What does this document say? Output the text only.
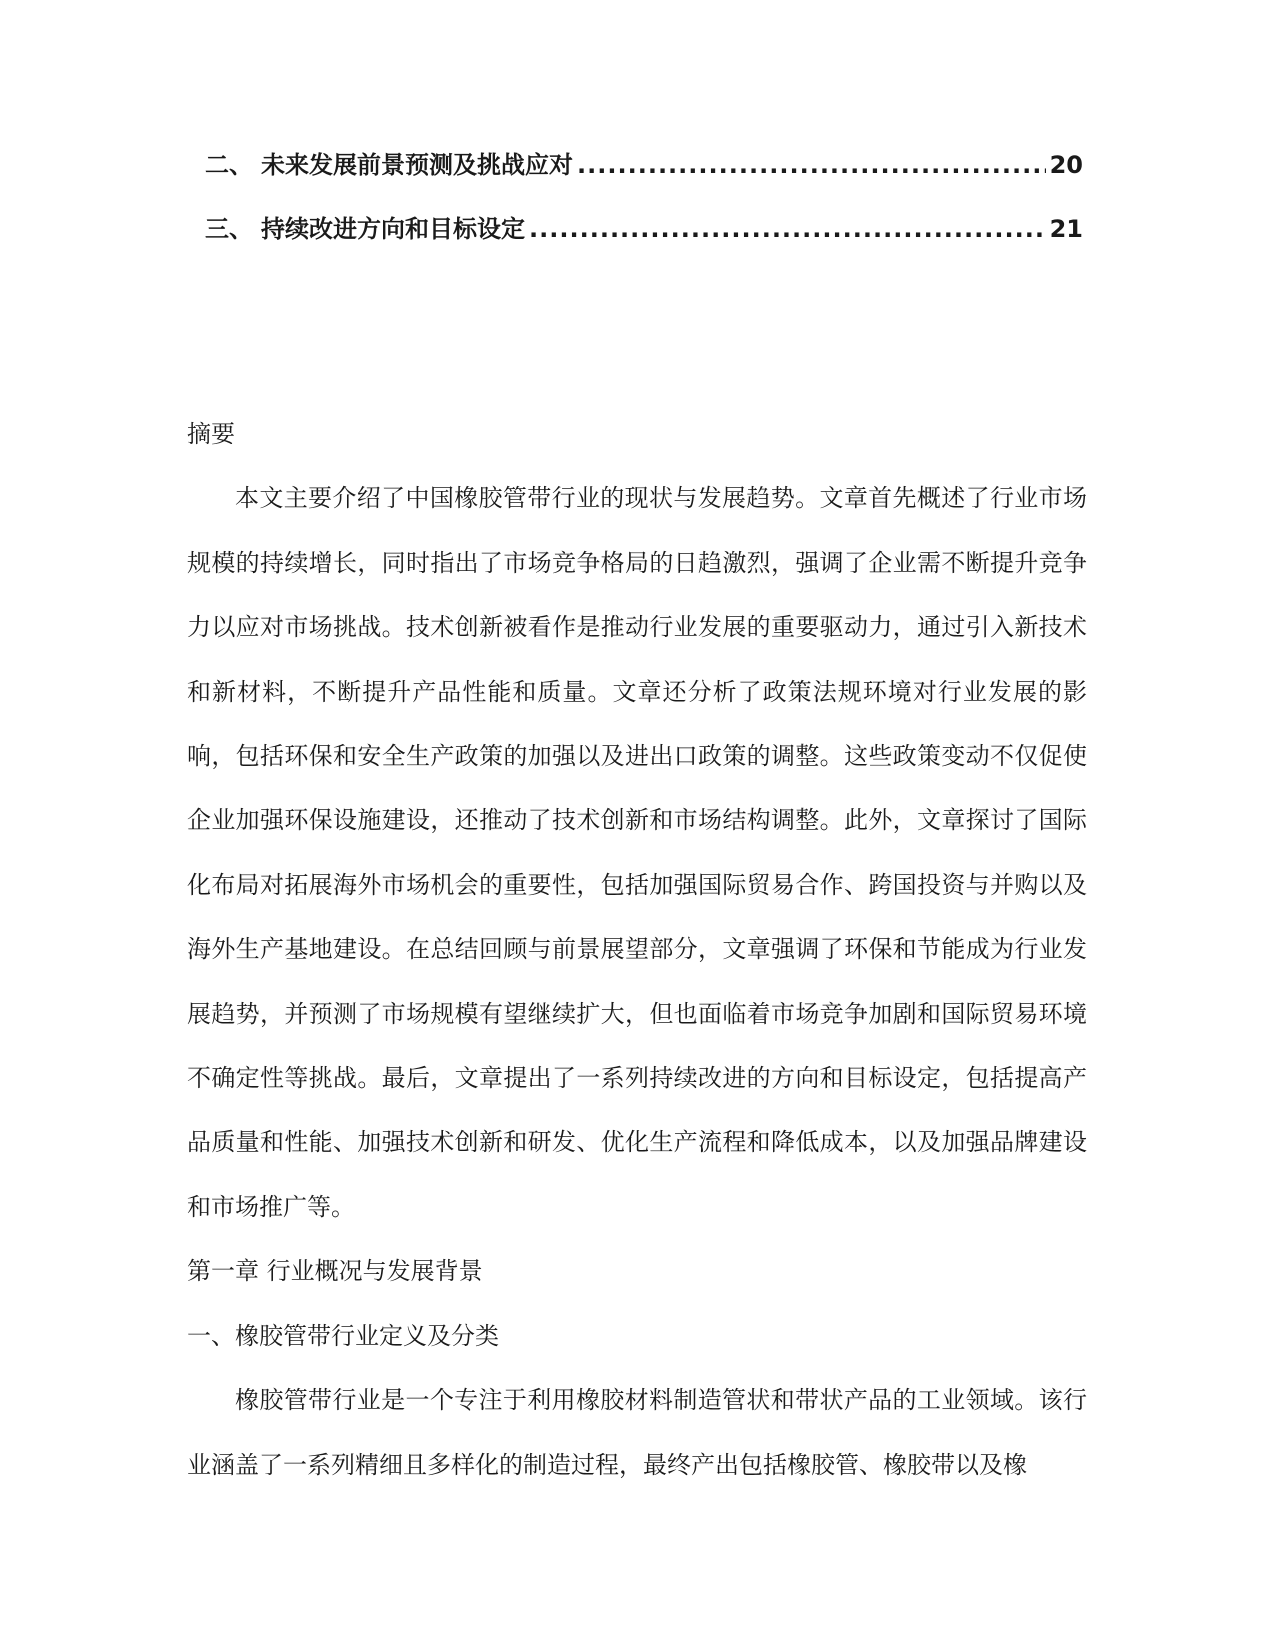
二、 未来发展前景预测及挑战应对 .....	20
三、 持续改进方向和目标设定 .....	21

摘要

本文主要介绍了中国橡胶管带行业的现状与发展趋势。文章首先概述了行业市场规模的持续增长，同时指出了市场竞争格局的日趋激烈，强调了企业需不断提升竞争力以应对市场挑战。技术创新被看作是推动行业发展的重要驱动力，通过引入新技术和新材料，不断提升产品性能和质量。文章还分析了政策法规环境对行业发展的影响，包括环保和安全生产政策的加强以及进出口政策的调整。这些政策变动不仅促使企业加强环保设施建设，还推动了技术创新和市场结构调整。此外，文章探讨了国际化布局对拓展海外市场机会的重要性，包括加强国际贸易合作、跨国投资与并购以及海外生产基地建设。在总结回顾与前景展望部分，文章强调了环保和节能成为行业发展趋势，并预测了市场规模有望继续扩大，但也面临着市场竞争加剧和国际贸易环境不确定性等挑战。最后，文章提出了一系列持续改进的方向和目标设定，包括提高产品质量和性能、加强技术创新和研发、优化生产流程和降低成本，以及加强品牌建设和市场推广等。

第一章 行业概况与发展背景

一、橡胶管带行业定义及分类

橡胶管带行业是一个专注于利用橡胶材料制造管状和带状产品的工业领域。该行业涵盖了一系列精细且多样化的制造过程，最终产出包括橡胶管、橡胶带以及橡
